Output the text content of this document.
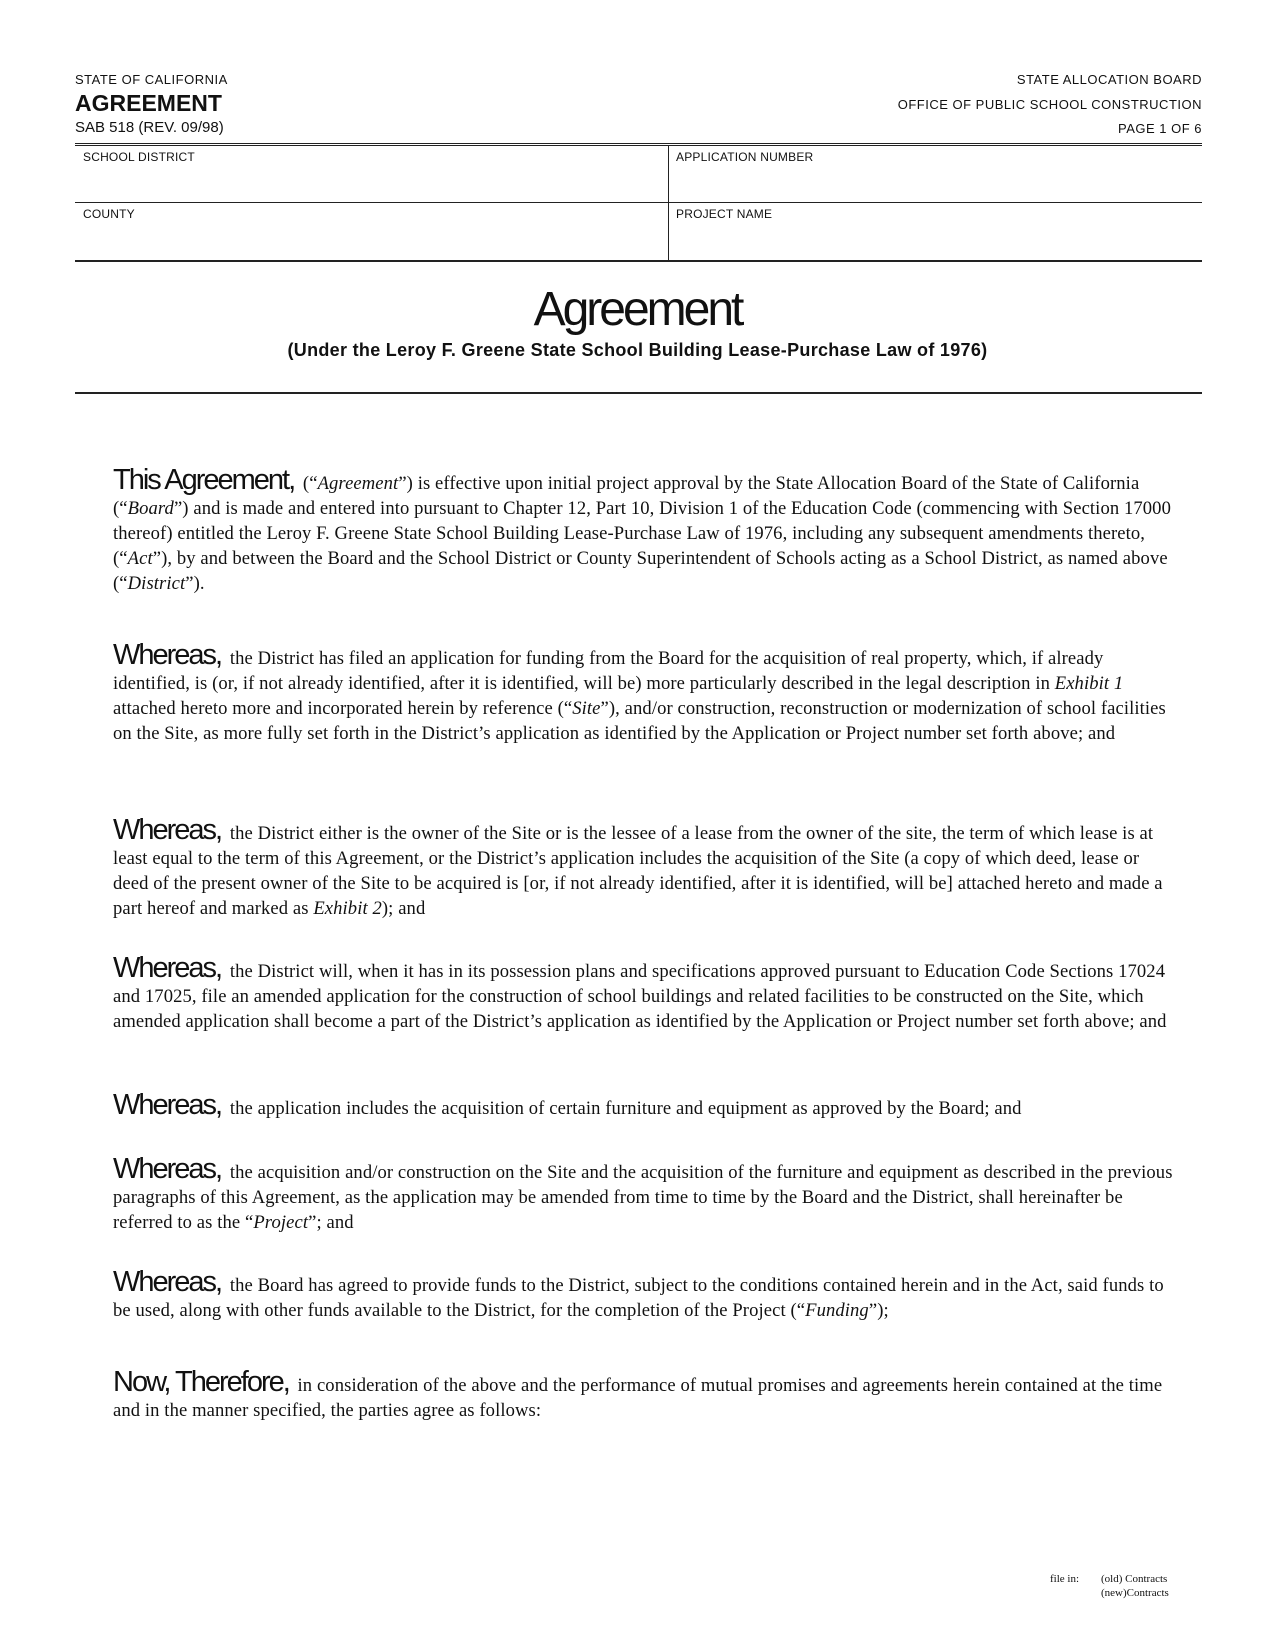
STATE OF CALIFORNIA
AGREEMENT
SAB 518 (REV. 09/98)
STATE ALLOCATION BOARD
OFFICE OF PUBLIC SCHOOL CONSTRUCTION
PAGE 1 OF 6
SCHOOL DISTRICT	APPLICATION NUMBER
COUNTY	PROJECT NAME
Agreement
(Under the Leroy F. Greene State School Building Lease-Purchase Law of 1976)
This Agreement, (“Agreement”) is effective upon initial project approval by the State Allocation Board of the State of California (“Board”) and is made and entered into pursuant to Chapter 12, Part 10, Division 1 of the Education Code (commencing with Section 17000 thereof) entitled the Leroy F. Greene State School Building Lease-Purchase Law of 1976, including any subsequent amendments thereto, (“Act”), by and between the Board and the School District or County Superintendent of Schools acting as a School District, as named above (“District”).
Whereas, the District has filed an application for funding from the Board for the acquisition of real property, which, if already identified, is (or, if not already identified, after it is identified, will be) more particularly described in the legal description in Exhibit 1 attached hereto more and incorporated herein by reference (“Site”), and/or construction, reconstruction or modernization of school facilities on the Site, as more fully set forth in the District’s application as identified by the Application or Project number set forth above; and
Whereas, the District either is the owner of the Site or is the lessee of a lease from the owner of the site, the term of which lease is at least equal to the term of this Agreement, or the District’s application includes the acquisition of the Site (a copy of which deed, lease or deed of the present owner of the Site to be acquired is [or, if not already identified, after it is identified, will be] attached hereto and made a part hereof and marked as Exhibit 2); and
Whereas, the District will, when it has in its possession plans and specifications approved pursuant to Education Code Sections 17024 and 17025, file an amended application for the construction of school buildings and related facilities to be constructed on the Site, which amended application shall become a part of the District’s application as identified by the Application or Project number set forth above; and
Whereas, the application includes the acquisition of certain furniture and equipment as approved by the Board; and
Whereas, the acquisition and/or construction on the Site and the acquisition of the furniture and equipment as described in the previous paragraphs of this Agreement, as the application may be amended from time to time by the Board and the District, shall hereinafter be referred to as the “Project”; and
Whereas, the Board has agreed to provide funds to the District, subject to the conditions contained herein and in the Act, said funds to be used, along with other funds available to the District, for the completion of the Project (“Funding”);
Now, Therefore, in consideration of the above and the performance of mutual promises and agreements herein contained at the time and in the manner specified, the parties agree as follows:
file in: (old) Contracts
(new)Contracts
